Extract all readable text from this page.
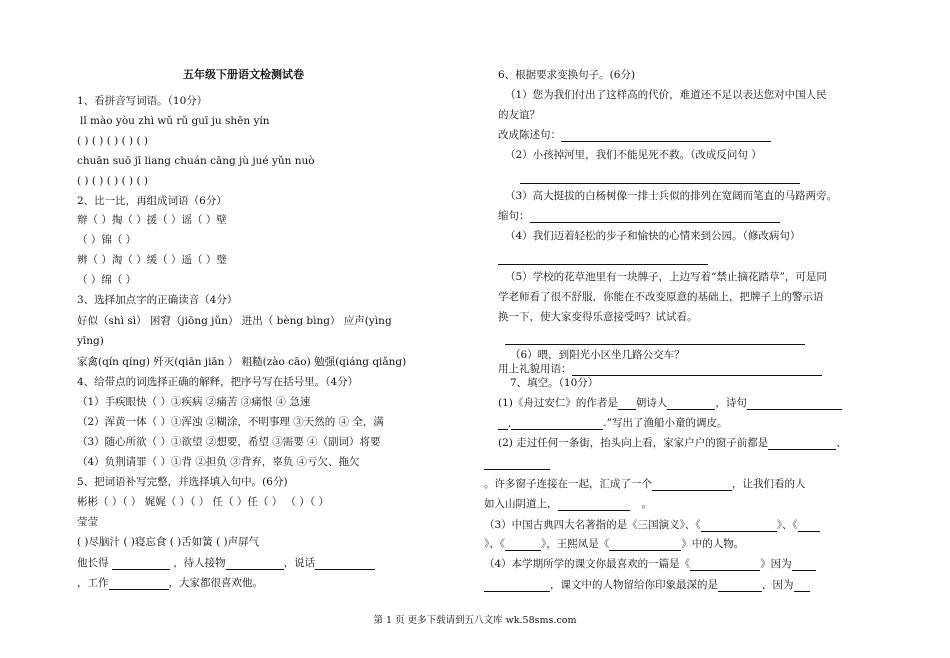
五年级下册语文检测试卷
1、看拼音写词语。（10分）
lǐ mào yòu zhì wǔ rǔ guī ju shēn yín
( ) ( ) ( ) ( ) ( )
chuān suō jī liang chuán cāng jù jué yǔn nuò
( ) ( ) ( ) ( ) ( )
2、比一比，再组成词语（6分）
辩（ ）掏（ ）援（ ）谣（ ）壁
（ ）锦（ ）
辨（ ）淘（ ）缓（ ）遥（ ）璧
（ ）绵（ ）
3、选择加点字的正确读音（4分）
好似（shì sì） 困窘（jiōng jǔn） 进出（ bèng bìng） 应声(yìng
yīng)
家禽(qín qíng) 歼灭(qiān jiān ） 粗糙(zào cāo) 勉强(qiáng qiǎng)
4、给带点的词选择正确的解释，把序号写在括号里。（4分）
（1）手疾眼快（ ）①疾病 ②痛苦 ③痛恨 ④ 急速
（2）浑黄一体（ ）①浑浊 ②糊涂，不明事理 ③天然的 ④ 全，满
（3）随心所欲（ ）①欲望 ②想要，希望 ③需要 ④（副词）将要
（4）负荆请罪（ ）①背 ②担负 ③背弃，辜负 ④亏欠、拖欠
5、把词语补写完整，并选择填入句中。(6分)
彬彬（ ）（ ） 娓娓（ ）（ ） 任（ ）任（ ） （ ）（ ）
莹莹
( )尽脑汁 ( )寝忘食 ( )舌如簧 ( )声屏气
他长得	，待人接物	，说话
，工作	，大家都很喜欢他。
6、根据要求变换句子。(6分)
（1）您为我们付出了这样高的代价，难道还不足以表达您对中国人民
的友谊？
改成陈述句：
（2）小孩掉河里，我们不能见死不救。（改成反问句 ）
（3）高大挺拔的白杨树像一排士兵似的排列在宽阔而笔直的马路两旁。
缩句：
（4）我们迈着轻松的步子和愉快的心情来到公园。（修改病句）
（5）学校的花草池里有一块牌子，上边写着“禁止摘花踏草”，可是同
学老师看了很不舒服，你能在不改变原意的基础上，把牌子上的警示语
换一下，使大家变得乐意接受吗？试试看。
（6）喂，到阳光小区坐几路公交车？
用上礼貌用语：
7、填空。（10分）
(1)《舟过安仁》的作者是 朝诗人	，诗句
,	.”写出了渔船小童的调皮。
(2) 走过任何一条街，抬头向上看，家家户户的窗子前都是	、
。许多窗子连接在一起，汇成了一个	，让我们看的人
如入山阴道上，	。
（3）中国古典四大名著指的是《三国演义》、《	》、《
》、《	》，王熙凤是《	》中的人物。
（4）本学期所学的课文你最喜欢的一篇是《	》因为
，课文中的人物留给你印象最深的是	，因为
第 1 页 更多下载请到五八文库 wk.58sms.com
